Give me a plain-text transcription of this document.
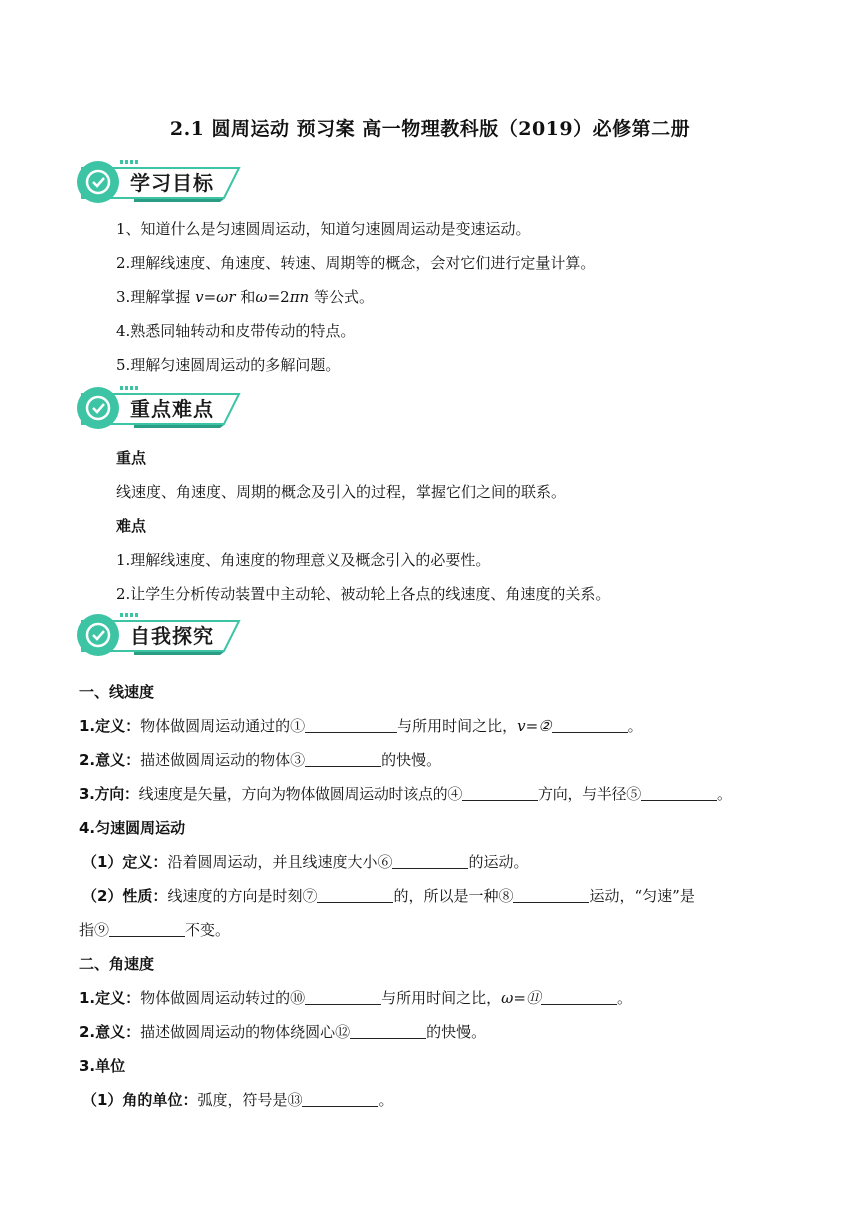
2.1 圆周运动 预习案 高一物理教科版（2019）必修第二册
学习目标
1、知道什么是匀速圆周运动，知道匀速圆周运动是变速运动。
2.理解线速度、角速度、转速、周期等的概念，会对它们进行定量计算。
3.理解掌握 v=ωr 和ω=2πn 等公式。
4.熟悉同轴转动和皮带传动的特点。
5.理解匀速圆周运动的多解问题。
重点难点
重点
线速度、角速度、周期的概念及引入的过程，掌握它们之间的联系。
难点
1.理解线速度、角速度的物理意义及概念引入的必要性。
2.让学生分析传动装置中主动轮、被动轮上各点的线速度、角速度的关系。
自我探究
一、线速度
1.定义：物体做圆周运动通过的①	与所用时间之比，v=②	。
2.意义：描述做圆周运动的物体③	的快慢。
3.方向：线速度是矢量，方向为物体做圆周运动时该点的④	方向，与半径⑤	。
4.匀速圆周运动
（1）定义：沿着圆周运动，并且线速度大小⑥	的运动。
（2）性质：线速度的方向是时刻⑦	的，所以是一种⑧	运动，“匀速”是
指⑨	不变。
二、角速度
1.定义：物体做圆周运动转过的⑩	与所用时间之比，ω=⑪	。
2.意义：描述做圆周运动的物体绕圆心⑫	的快慢。
3.单位
（1）角的单位：弧度，符号是⑬	。
